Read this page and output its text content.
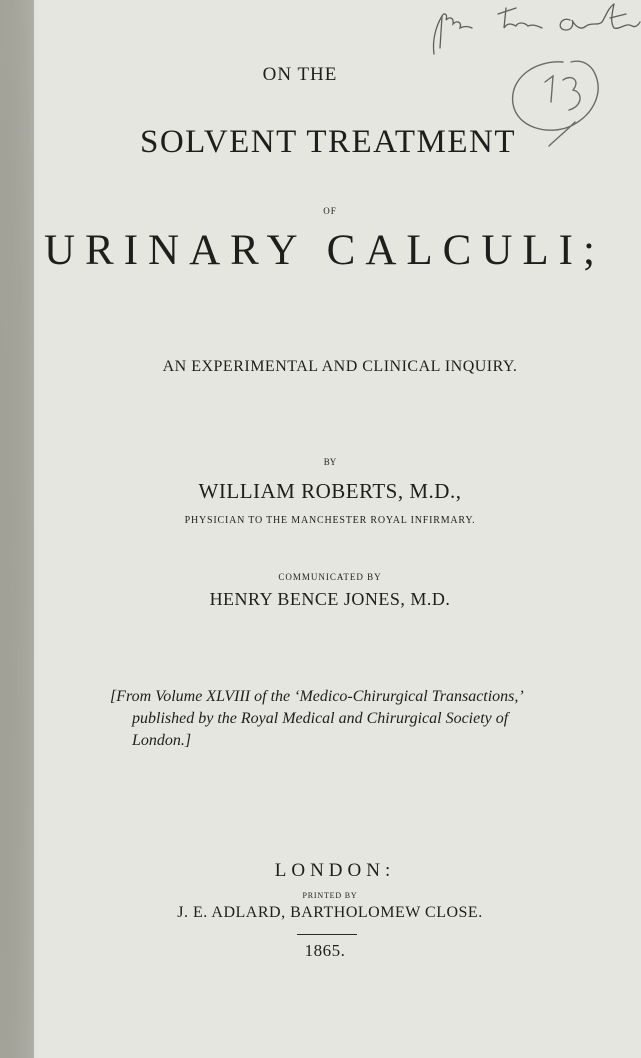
ON THE
SOLVENT TREATMENT
OF
URINARY CALCULI;
AN EXPERIMENTAL AND CLINICAL INQUIRY.
BY
WILLIAM ROBERTS, M.D.,
PHYSICIAN TO THE MANCHESTER ROYAL INFIRMARY.
COMMUNICATED BY
HENRY BENCE JONES, M.D.
[From Volume XLVIII of the ‘Medico-Chirurgical Transactions,’
published by the Royal Medical and Chirurgical Society of
London.]
LONDON:
PRINTED BY
J. E. ADLARD, BARTHOLOMEW CLOSE.
1865.
